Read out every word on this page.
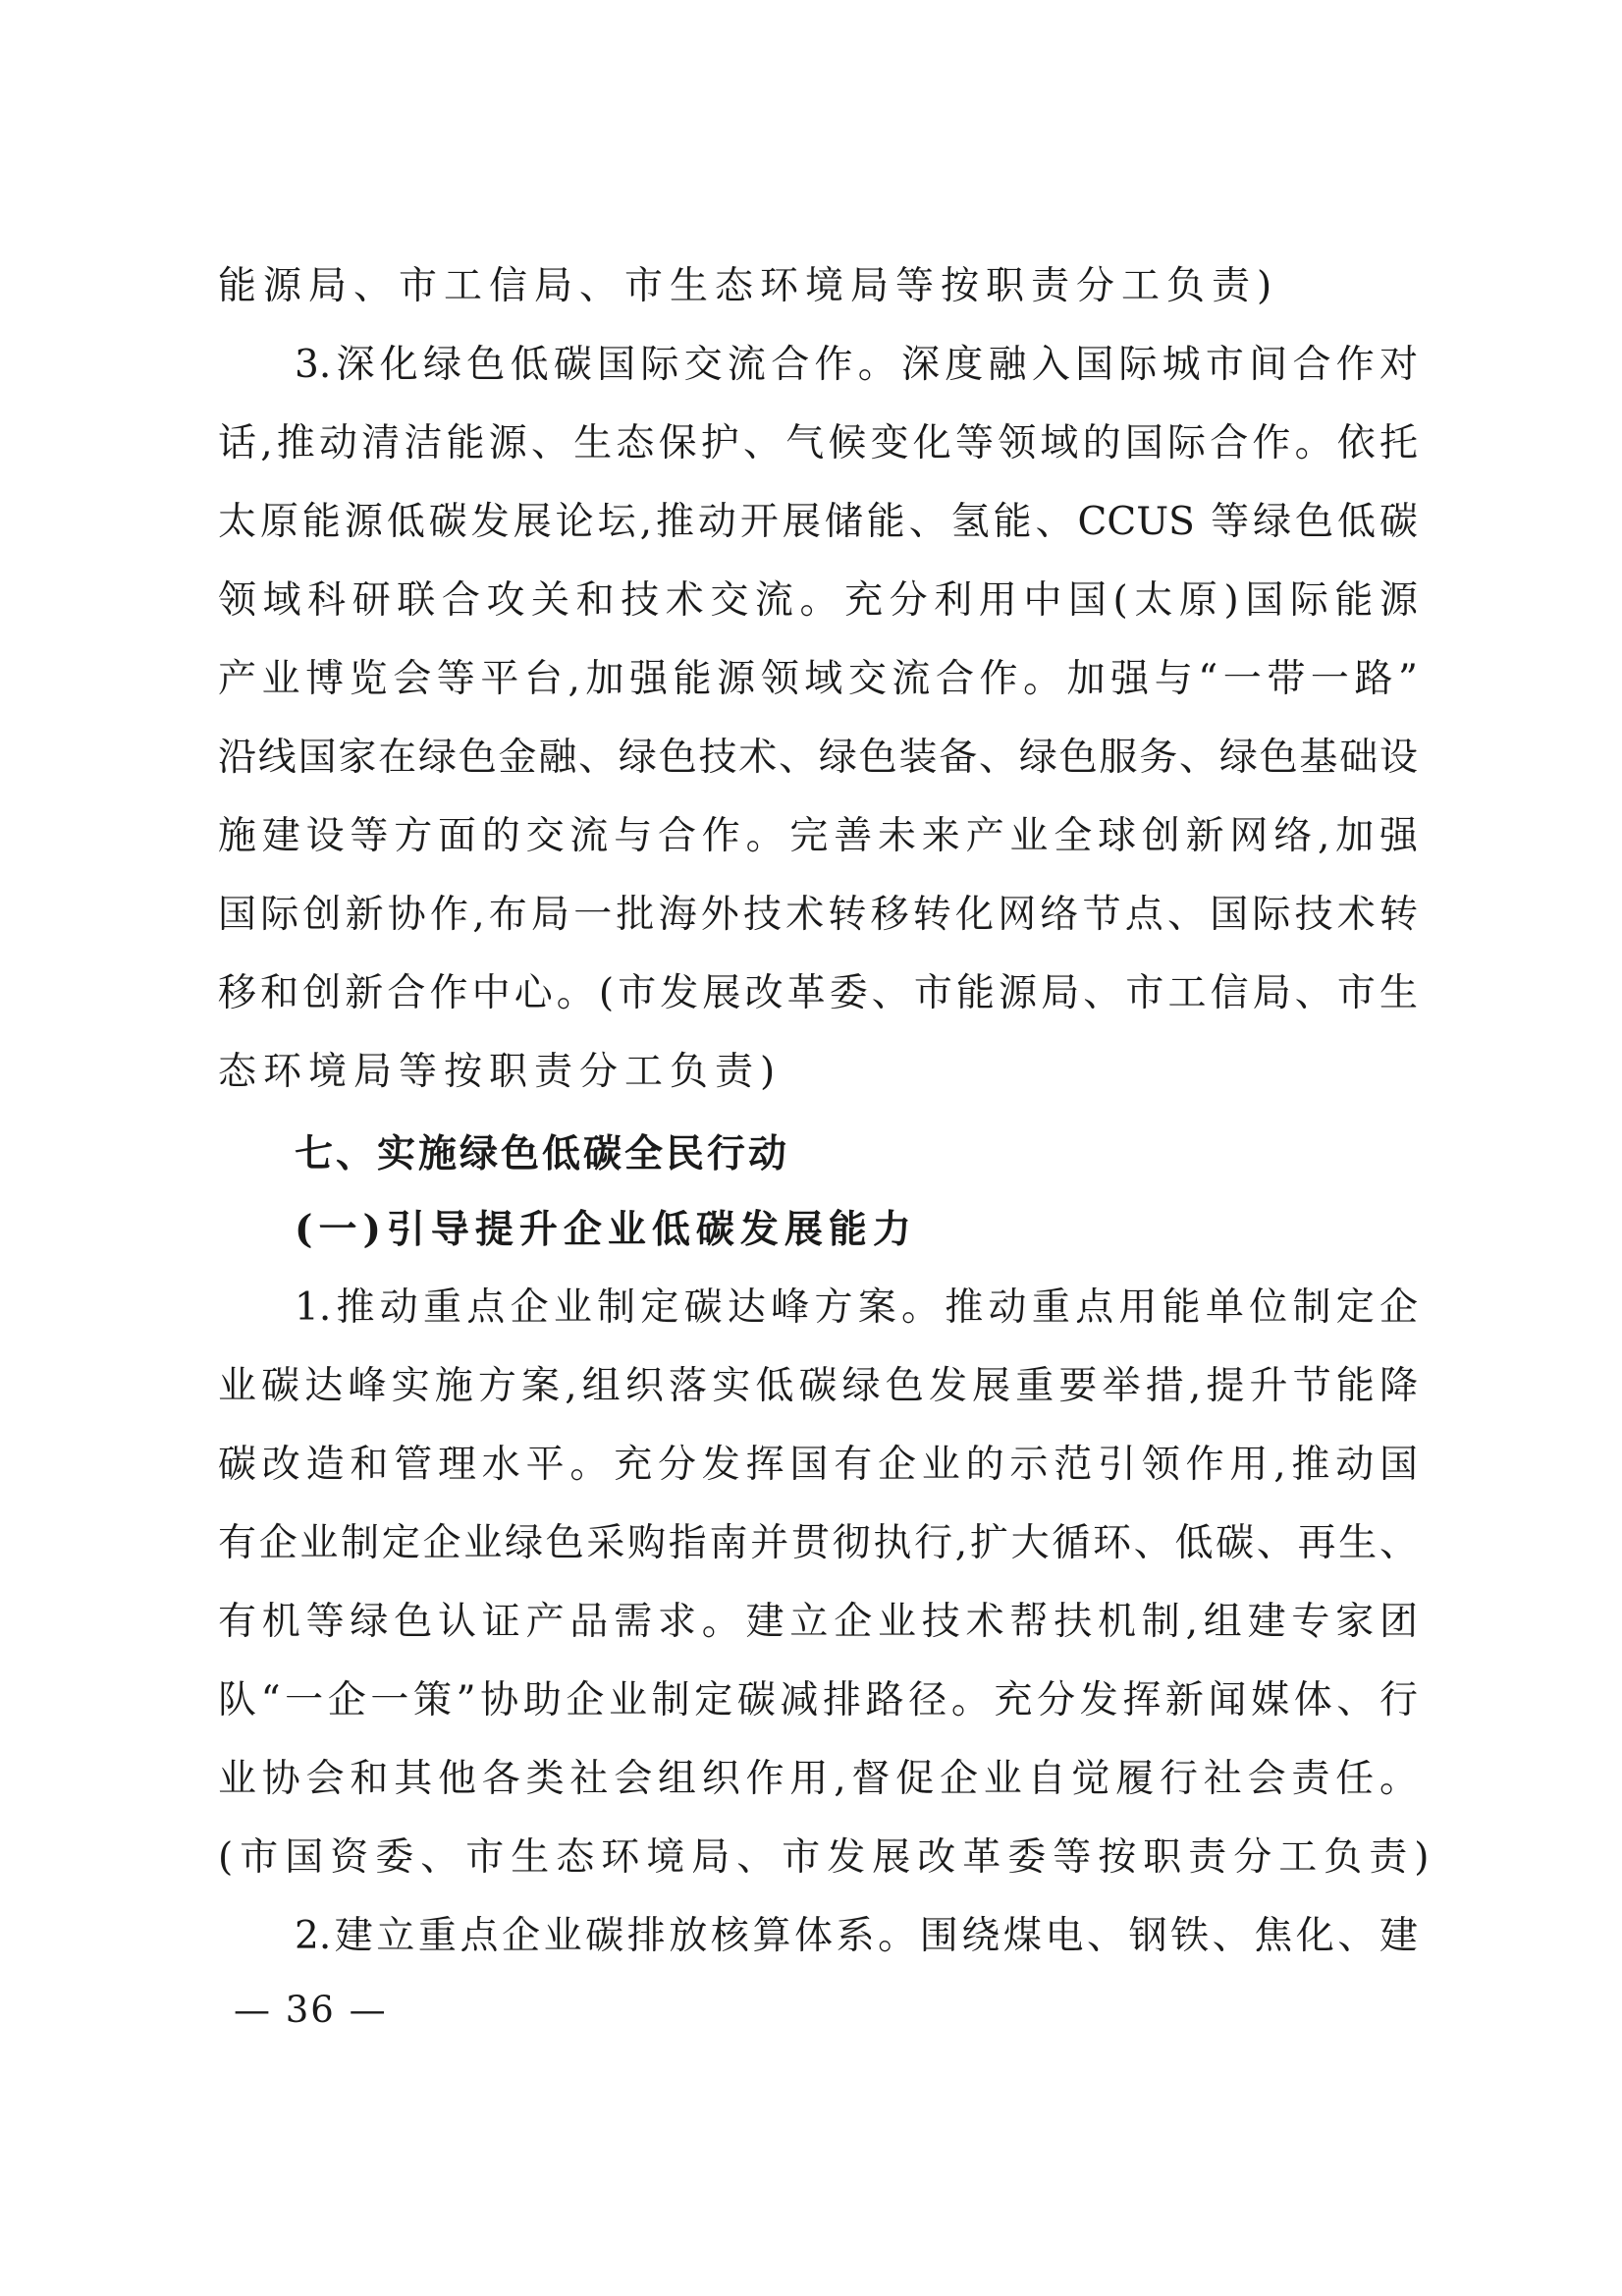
能源局、市工信局、市生态环境局等按职责分工负责)
3.深化绿色低碳国际交流合作。深度融入国际城市间合作对
话,推动清洁能源、生态保护、气候变化等领域的国际合作。依托
太原能源低碳发展论坛,推动开展储能、氢能、CCUS 等绿色低碳
领域科研联合攻关和技术交流。充分利用中国(太原)国际能源
产业博览会等平台,加强能源领域交流合作。加强与“一带一路”
沿线国家在绿色金融、绿色技术、绿色装备、绿色服务、绿色基础设
施建设等方面的交流与合作。完善未来产业全球创新网络,加强
国际创新协作,布局一批海外技术转移转化网络节点、国际技术转
移和创新合作中心。(市发展改革委、市能源局、市工信局、市生
态环境局等按职责分工负责)
七、实施绿色低碳全民行动
(一)引导提升企业低碳发展能力
1.推动重点企业制定碳达峰方案。推动重点用能单位制定企
业碳达峰实施方案,组织落实低碳绿色发展重要举措,提升节能降
碳改造和管理水平。充分发挥国有企业的示范引领作用,推动国
有企业制定企业绿色采购指南并贯彻执行,扩大循环、低碳、再生、
有机等绿色认证产品需求。建立企业技术帮扶机制,组建专家团
队“一企一策”协助企业制定碳减排路径。充分发挥新闻媒体、行
业协会和其他各类社会组织作用,督促企业自觉履行社会责任。
(市国资委、市生态环境局、市发展改革委等按职责分工负责)
2.建立重点企业碳排放核算体系。围绕煤电、钢铁、焦化、建
— 36 —
